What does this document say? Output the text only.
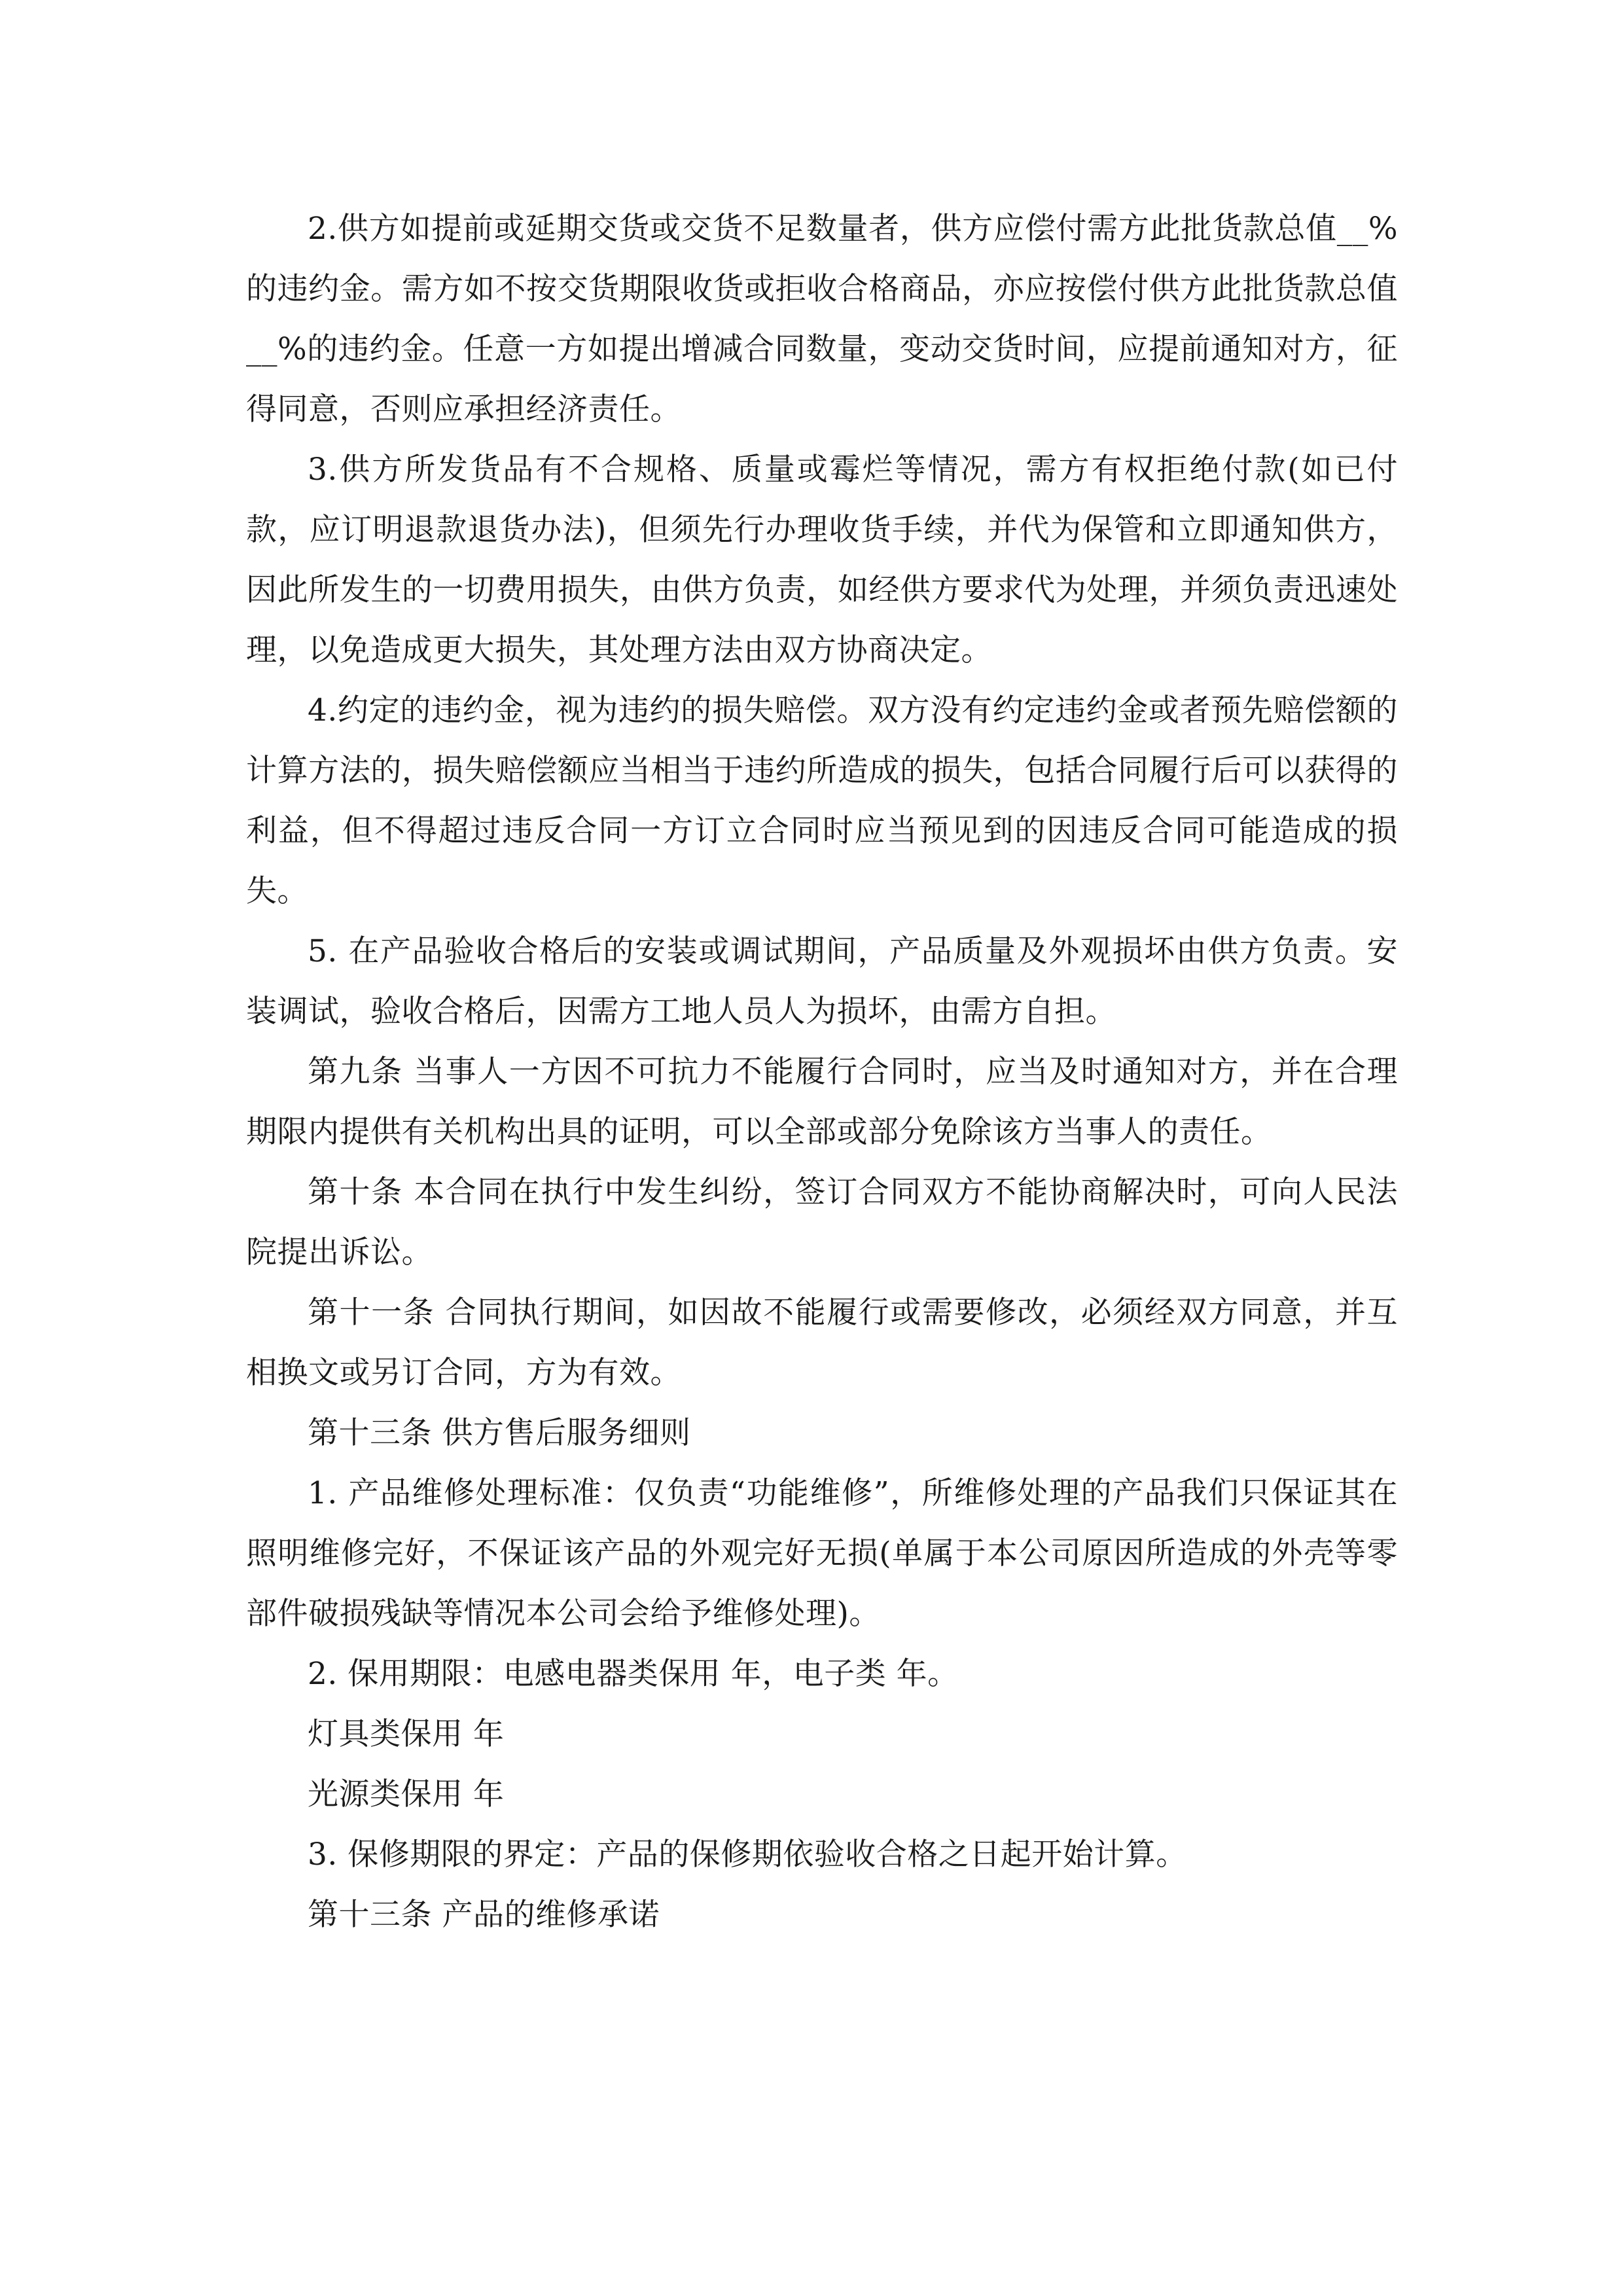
2.供方如提前或延期交货或交货不足数量者，供方应偿付需方此批货款总值__%的违约金。需方如不按交货期限收货或拒收合格商品，亦应按偿付供方此批货款总值__%的违约金。任意一方如提出增减合同数量，变动交货时间，应提前通知对方，征得同意，否则应承担经济责任。

3.供方所发货品有不合规格、质量或霉烂等情况，需方有权拒绝付款(如已付款，应订明退款退货办法)，但须先行办理收货手续，并代为保管和立即通知供方，因此所发生的一切费用损失，由供方负责，如经供方要求代为处理，并须负责迅速处理，以免造成更大损失，其处理方法由双方协商决定。

4.约定的违约金，视为违约的损失赔偿。双方没有约定违约金或者预先赔偿额的计算方法的，损失赔偿额应当相当于违约所造成的损失，包括合同履行后可以获得的利益，但不得超过违反合同一方订立合同时应当预见到的因违反合同可能造成的损失。

5. 在产品验收合格后的安装或调试期间，产品质量及外观损坏由供方负责。安装调试，验收合格后，因需方工地人员人为损坏，由需方自担。

第九条 当事人一方因不可抗力不能履行合同时，应当及时通知对方，并在合理期限内提供有关机构出具的证明，可以全部或部分免除该方当事人的责任。

第十条 本合同在执行中发生纠纷，签订合同双方不能协商解决时，可向人民法院提出诉讼。

第十一条 合同执行期间，如因故不能履行或需要修改，必须经双方同意，并互相换文或另订合同，方为有效。

第十三条 供方售后服务细则

1. 产品维修处理标准：仅负责“功能维修”，所维修处理的产品我们只保证其在照明维修完好，不保证该产品的外观完好无损(单属于本公司原因所造成的外壳等零部件破损残缺等情况本公司会给予维修处理)。

2. 保用期限：电感电器类保用 年，电子类 年。

灯具类保用 年

光源类保用 年

3. 保修期限的界定：产品的保修期依验收合格之日起开始计算。

第十三条 产品的维修承诺
